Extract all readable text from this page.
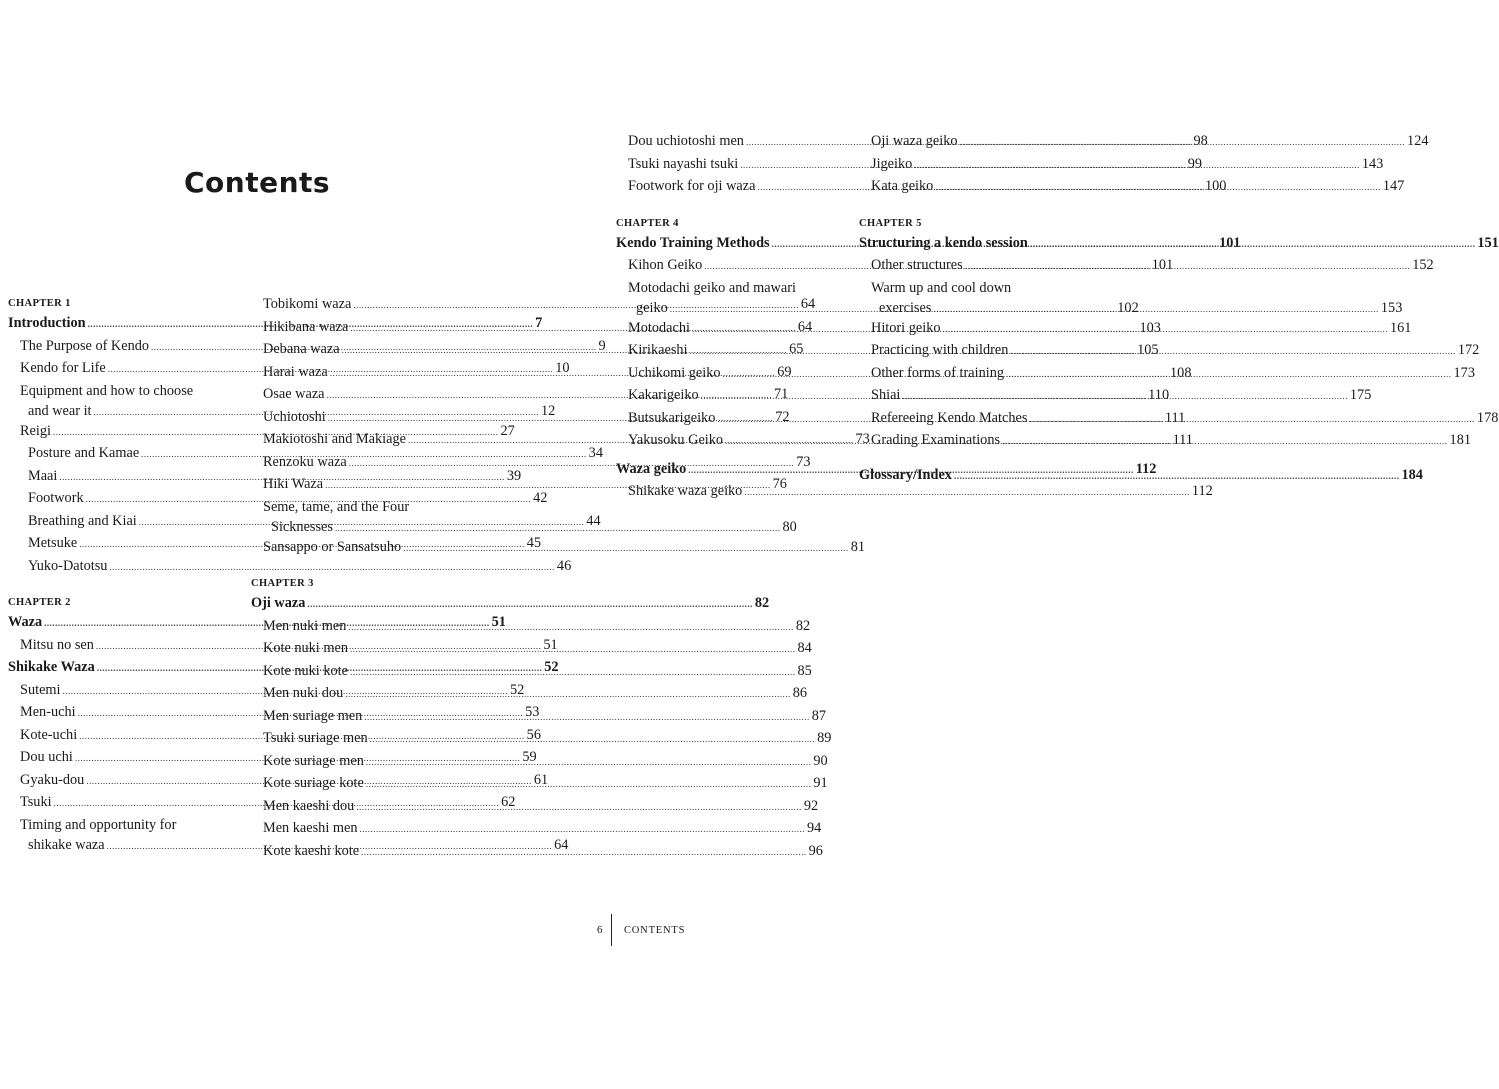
Contents
CHAPTER 1
Introduction .....	7
The Purpose of Kendo .....	9
Kendo for Life .....	10
Equipment and how to choose
and wear it .....	12
Reigi .....	27
Posture and Kamae .....	34
Maai .....	39
Footwork .....	42
Breathing and Kiai .....	44
Metsuke .....	45
Yuko-Datotsu .....	46
CHAPTER 2
Waza .....	51
Mitsu no sen .....	51
Shikake Waza .....	52
Sutemi .....	52
Men-uchi .....	53
Kote-uchi .....	56
Dou uchi .....	59
Gyaku-dou .....	61
Tsuki .....	62
Timing and opportunity for
shikake waza .....	64
Tobikomi waza .....	64
Hikibana waza .....	64
Debana waza .....	65
Harai waza .....	69
Osae waza .....	71
Uchiotoshi .....	72
Makiotoshi and Makiage .....	73
Renzoku waza .....	73
Hiki Waza .....	76
Seme, tame, and the Four
Sicknesses .....	80
Sansappo or Sansatsuho .....	81
CHAPTER 3
Oji waza .....	82
Men nuki men .....	82
Kote nuki men .....	84
Kote nuki kote .....	85
Men nuki dou .....	86
Men suriage men .....	87
Tsuki suriage men .....	89
Kote suriage men .....	90
Kote suriage kote .....	91
Men kaeshi dou .....	92
Men kaeshi men .....	94
Kote kaeshi kote .....	96
Dou uchiotoshi men .....	98
Tsuki nayashi tsuki .....	99
Footwork for oji waza .....	100
CHAPTER 4
Kendo Training Methods .....	101
Kihon Geiko .....	101
Motodachi geiko and mawari
geiko .....	102
Motodachi .....	103
Kirikaeshi .....	105
Uchikomi geiko .....	108
Kakarigeiko .....	110
Butsukarigeiko .....	111
Yakusoku Geiko .....	111
Waza geiko .....	112
Shikake waza geiko .....	112
Oji waza geiko .....	124
Jigeiko .....	143
Kata geiko .....	147
CHAPTER 5
Structuring a kendo session .....	151
Other structures .....	152
Warm up and cool down
exercises .....	153
Hitori geiko .....	161
Practicing with children .....	172
Other forms of training .....	173
Shiai .....	175
Refereeing Kendo Matches .....	178
Grading Examinations .....	181
Glossary/Index .....	184
6	CONTENTS
